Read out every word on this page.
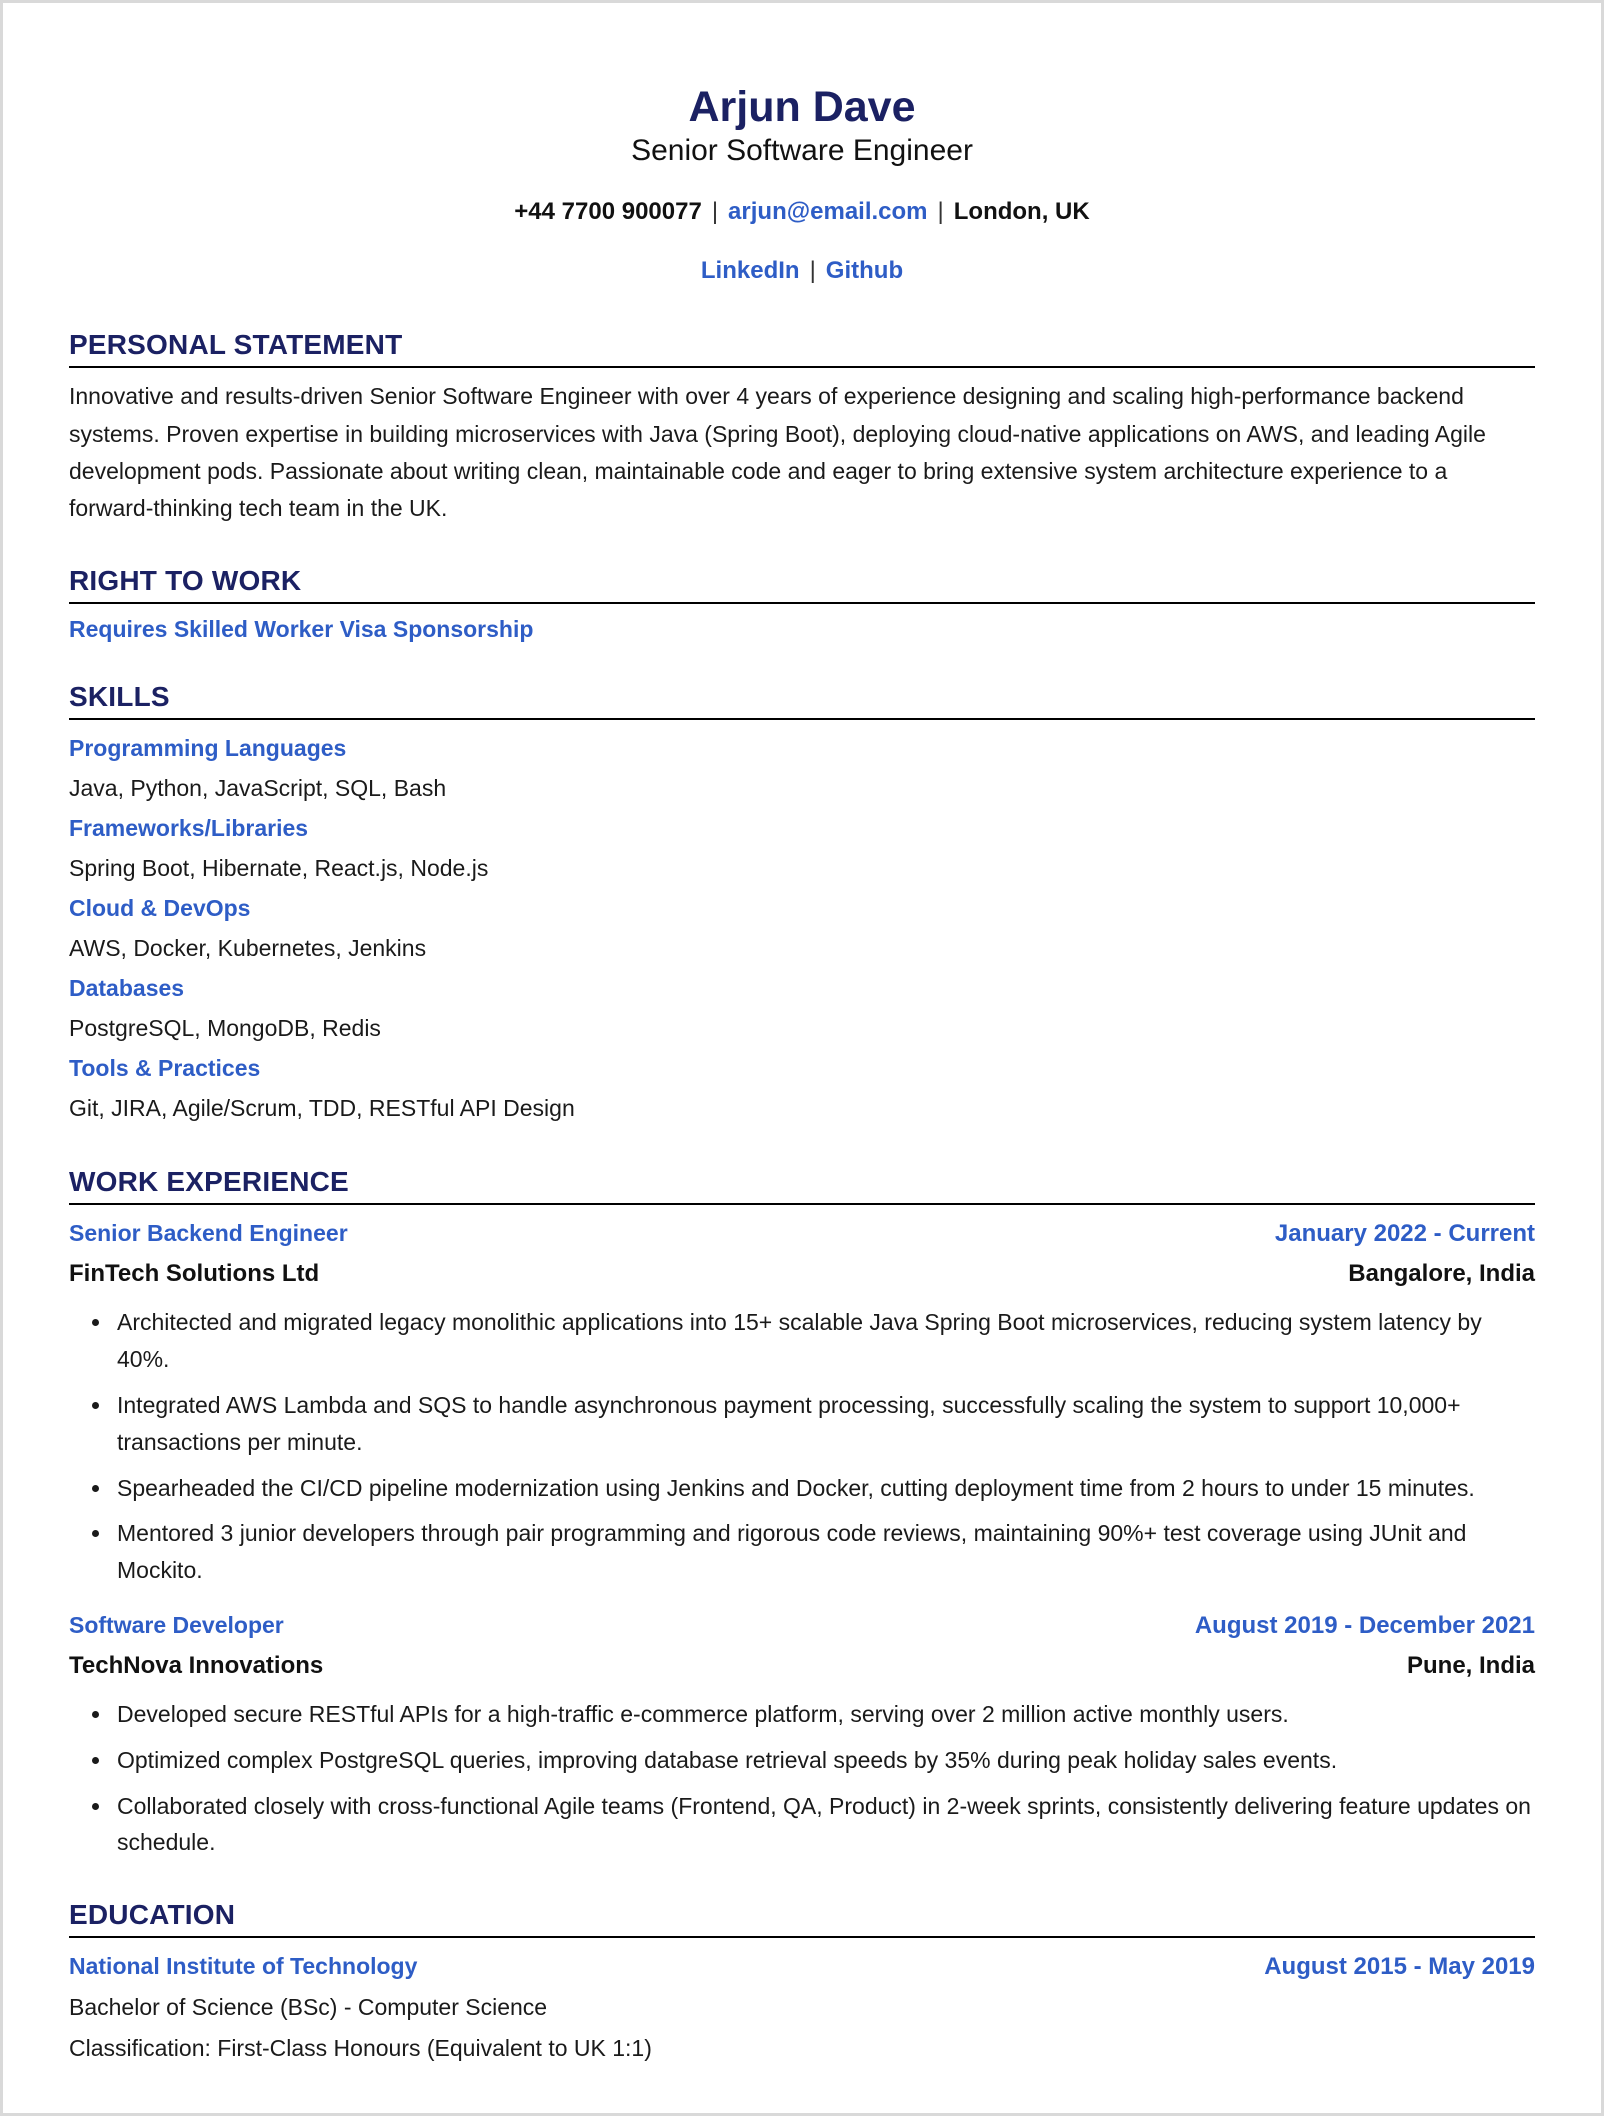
Arjun Dave
Senior Software Engineer
+44 7700 900077 | arjun@email.com | London, UK
LinkedIn | Github
PERSONAL STATEMENT

Innovative and results-driven Senior Software Engineer with over 4 years of experience designing and scaling high-performance backend systems. Proven expertise in building microservices with Java (Spring Boot), deploying cloud-native applications on AWS, and leading Agile development pods. Passionate about writing clean, maintainable code and eager to bring extensive system architecture experience to a forward-thinking tech team in the UK.

RIGHT TO WORK
Requires Skilled Worker Visa Sponsorship
SKILLS
Programming Languages
Java, Python, JavaScript, SQL, Bash
Frameworks/Libraries
Spring Boot, Hibernate, React.js, Node.js
Cloud & DevOps
AWS, Docker, Kubernetes, Jenkins
Databases
PostgreSQL, MongoDB, Redis
Tools & Practices
Git, JIRA, Agile/Scrum, TDD, RESTful API Design
WORK EXPERIENCE
Senior Backend Engineer	January 2022 - Current
FinTech Solutions Ltd	Bangalore, India
• Architected and migrated legacy monolithic applications into 15+ scalable Java Spring Boot microservices, reducing system latency by 40%.
• Integrated AWS Lambda and SQS to handle asynchronous payment processing, successfully scaling the system to support 10,000+ transactions per minute.
• Spearheaded the CI/CD pipeline modernization using Jenkins and Docker, cutting deployment time from 2 hours to under 15 minutes.
• Mentored 3 junior developers through pair programming and rigorous code reviews, maintaining 90%+ test coverage using JUnit and Mockito.
Software Developer	August 2019 - December 2021
TechNova Innovations	Pune, India
• Developed secure RESTful APIs for a high-traffic e-commerce platform, serving over 2 million active monthly users.
• Optimized complex PostgreSQL queries, improving database retrieval speeds by 35% during peak holiday sales events.
• Collaborated closely with cross-functional Agile teams (Frontend, QA, Product) in 2-week sprints, consistently delivering feature updates on schedule.
EDUCATION
National Institute of Technology	August 2015 - May 2019
Bachelor of Science (BSc) - Computer Science
Classification: First-Class Honours (Equivalent to UK 1:1)
